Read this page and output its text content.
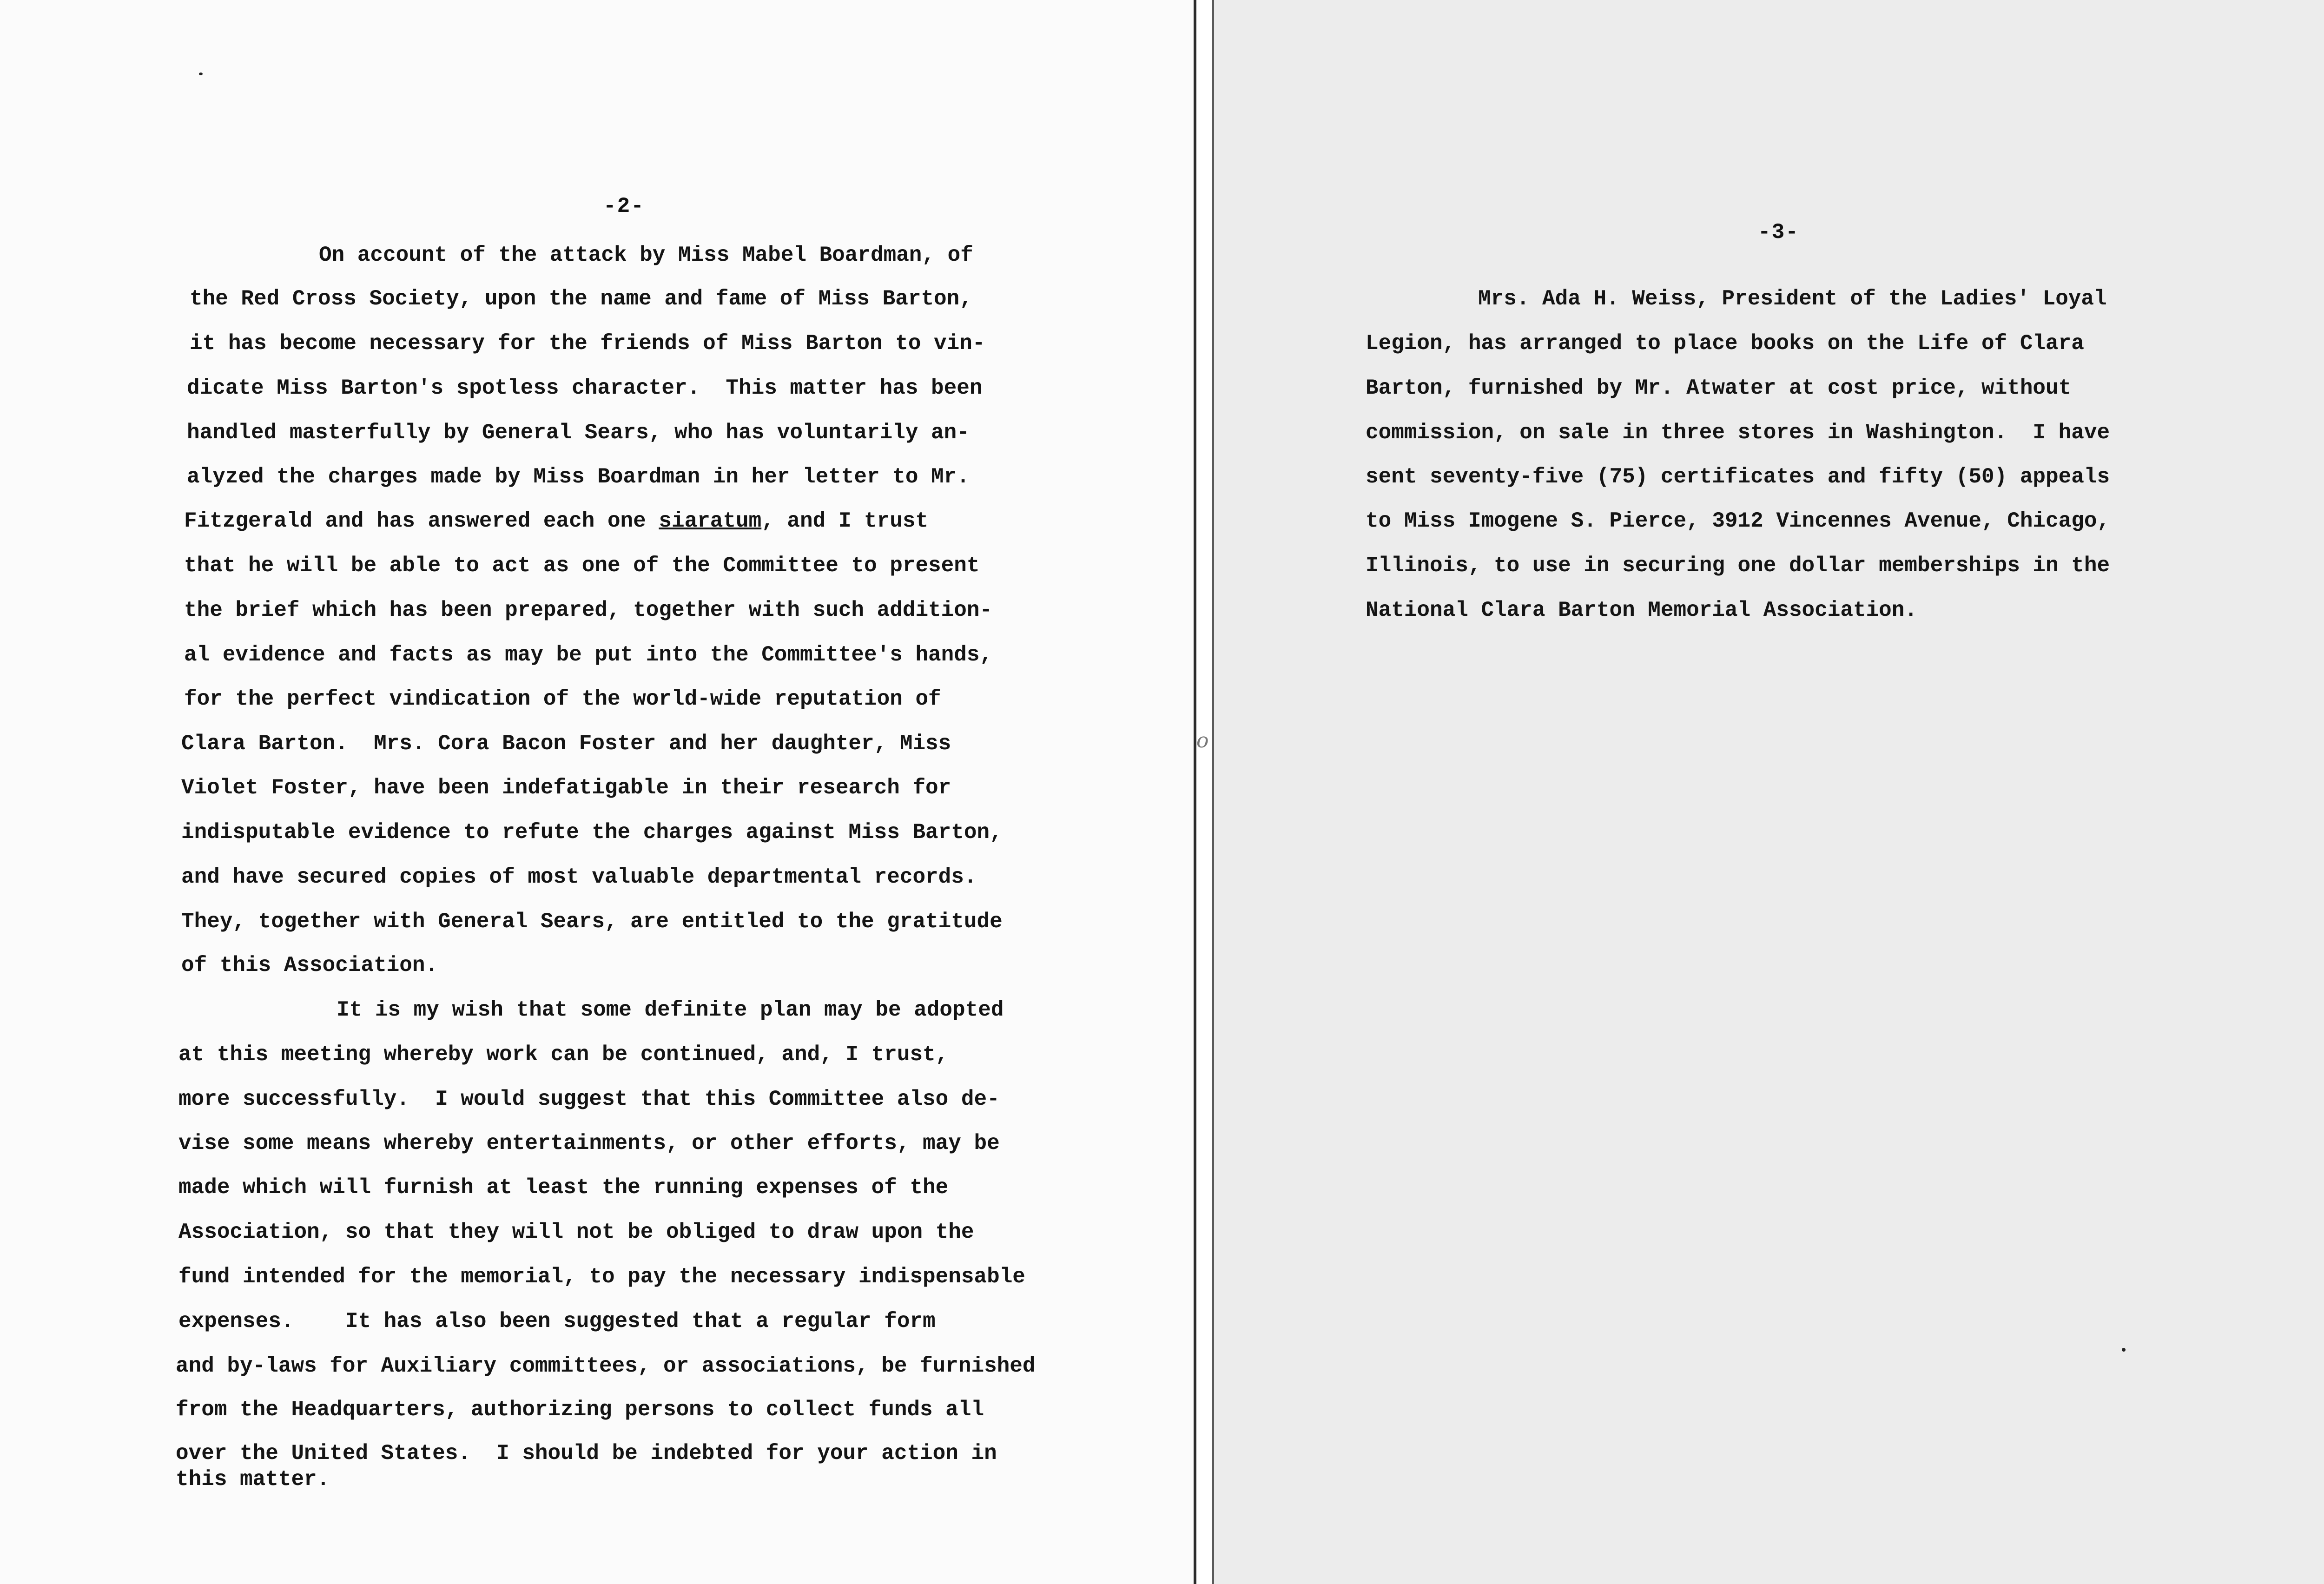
-2-
On account of the attack by Miss Mabel Boardman, of
the Red Cross Society, upon the name and fame of Miss Barton,
it has become necessary for the friends of Miss Barton to vin-
dicate Miss Barton's spotless character.  This matter has been
handled masterfully by General Sears, who has voluntarily an-
alyzed the charges made by Miss Boardman in her letter to Mr.
Fitzgerald and has answered each one siaratum, and I trust
that he will be able to act as one of the Committee to present
the brief which has been prepared, together with such addition-
al evidence and facts as may be put into the Committee's hands,
for the perfect vindication of the world-wide reputation of
Clara Barton.  Mrs. Cora Bacon Foster and her daughter, Miss
Violet Foster, have been indefatigable in their research for
indisputable evidence to refute the charges against Miss Barton,
and have secured copies of most valuable departmental records.
They, together with General Sears, are entitled to the gratitude
of this Association.
It is my wish that some definite plan may be adopted
at this meeting whereby work can be continued, and, I trust,
more successfully.  I would suggest that this Committee also de-
vise some means whereby entertainments, or other efforts, may be
made which will furnish at least the running expenses of the
Association, so that they will not be obliged to draw upon the
fund intended for the memorial, to pay the necessary indispensable
expenses.    It has also been suggested that a regular form
and by-laws for Auxiliary committees, or associations, be furnished
from the Headquarters, authorizing persons to collect funds all
over the United States.  I should be indebted for your action in
this matter.
o
-3-
Mrs. Ada H. Weiss, President of the Ladies' Loyal
Legion, has arranged to place books on the Life of Clara
Barton, furnished by Mr. Atwater at cost price, without
commission, on sale in three stores in Washington.  I have
sent seventy-five (75) certificates and fifty (50) appeals
to Miss Imogene S. Pierce, 3912 Vincennes Avenue, Chicago,
Illinois, to use in securing one dollar memberships in the
National Clara Barton Memorial Association.
